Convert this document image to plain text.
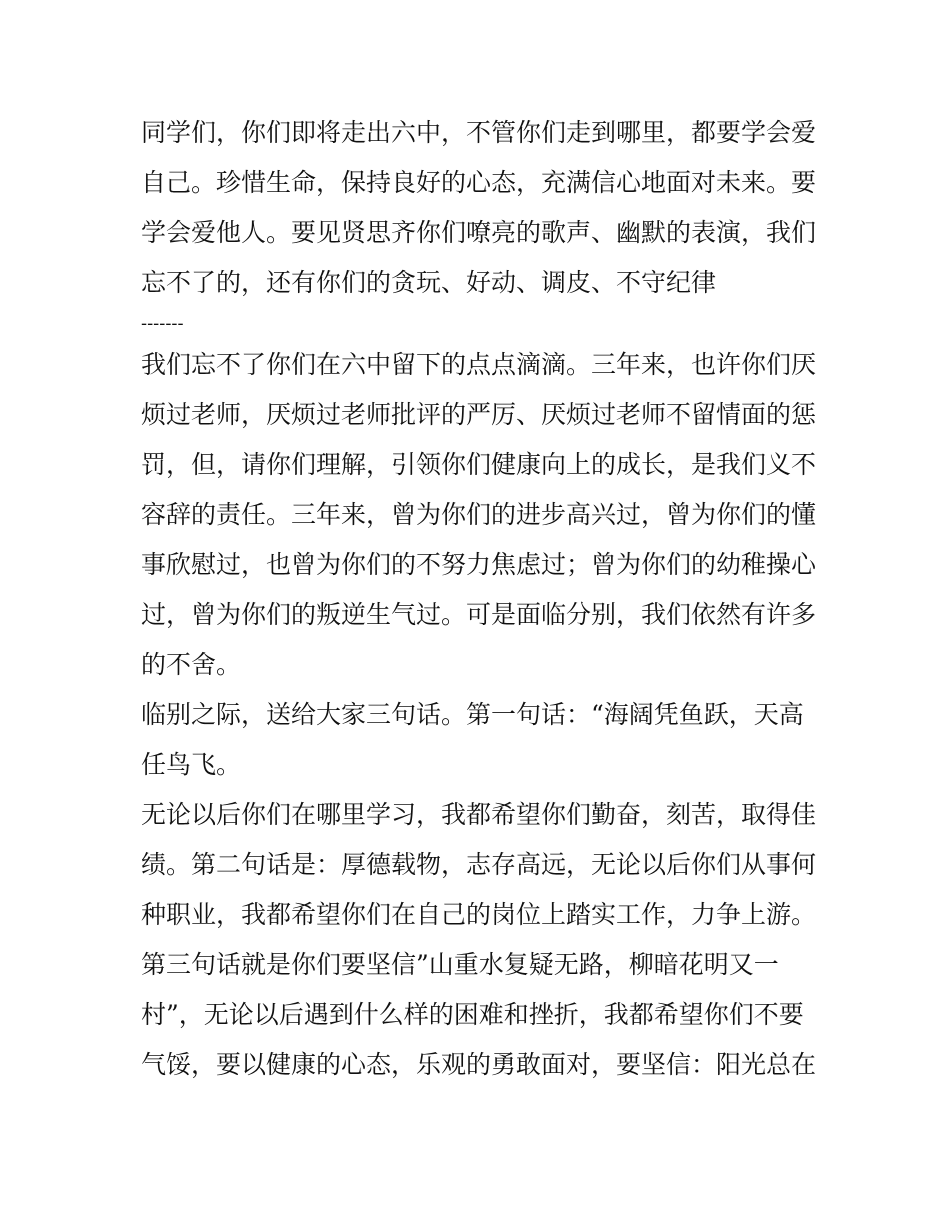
同学们，你们即将走出六中，不管你们走到哪里，都要学会爱
自己。珍惜生命，保持良好的心态，充满信心地面对未来。要
学会爱他人。要见贤思齐你们嘹亮的歌声、幽默的表演，我们
忘不了的，还有你们的贪玩、好动、调皮、不守纪律
-------
我们忘不了你们在六中留下的点点滴滴。三年来，也许你们厌
烦过老师，厌烦过老师批评的严厉、厌烦过老师不留情面的惩
罚，但，请你们理解，引领你们健康向上的成长，是我们义不
容辞的责任。三年来，曾为你们的进步高兴过，曾为你们的懂
事欣慰过，也曾为你们的不努力焦虑过；曾为你们的幼稚操心
过，曾为你们的叛逆生气过。可是面临分别，我们依然有许多
的不舍。
临别之际，送给大家三句话。第一句话：“海阔凭鱼跃，天高
任鸟飞。
无论以后你们在哪里学习，我都希望你们勤奋，刻苦，取得佳
绩。第二句话是：厚德载物，志存高远，无论以后你们从事何
种职业，我都希望你们在自己的岗位上踏实工作，力争上游。
第三句话就是你们要坚信”山重水复疑无路，柳暗花明又一
村”，无论以后遇到什么样的困难和挫折，我都希望你们不要
气馁，要以健康的心态，乐观的勇敢面对，要坚信：阳光总在
